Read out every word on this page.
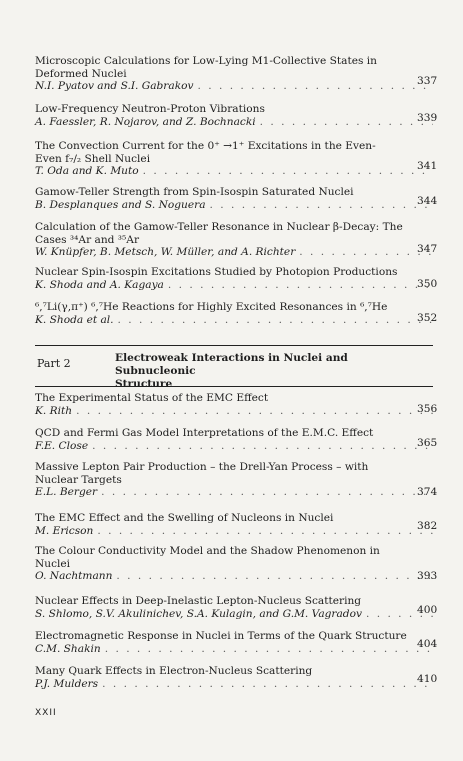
Microscopic Calculations for Low-Lying M1-Collective States in
Deformed Nuclei
N.I. Pyatov and S.I. Gabrakov . . .	337
Low-Frequency Neutron-Proton Vibrations
A. Faessler, R. Nojarov, and Z. Bochnacki . . .	339
The Convection Current for the 0⁺ →1⁺ Excitations in the Even-
Even f₇/₂ Shell Nuclei
T. Oda and K. Muto . . .	341
Gamow-Teller Strength from Spin-Isospin Saturated Nuclei
B. Desplanques and S. Noguera . . .	344
Calculation of the Gamow-Teller Resonance in Nuclear β-Decay: The
Cases ³⁴Ar and ³⁵Ar
W. Knüpfer, B. Metsch, W. Müller, and A. Richter . . .	347
Nuclear Spin-Isospin Excitations Studied by Photopion Productions
K. Shoda and A. Kagaya . . .	350
⁶,⁷Li(γ,π⁺) ⁶,⁷He Reactions for Highly Excited Resonances in ⁶,⁷He
K. Shoda et al. . . .	352
Part 2	Electroweak Interactions in Nuclei and Subnucleonic
Structure
The Experimental Status of the EMC Effect
K. Rith . . .	356
QCD and Fermi Gas Model Interpretations of the E.M.C. Effect
F.E. Close . . .	365
Massive Lepton Pair Production – the Drell-Yan Process – with
Nuclear Targets
E.L. Berger . . .	374
The EMC Effect and the Swelling of Nucleons in Nuclei
M. Ericson . . .	382
The Colour Conductivity Model and the Shadow Phenomenon in
Nuclei
O. Nachtmann . . .	393
Nuclear Effects in Deep-Inelastic Lepton-Nucleus Scattering
S. Shlomo, S.V. Akulinichev, S.A. Kulagin, and G.M. Vagradov . . .	400
Electromagnetic Response in Nuclei in Terms of the Quark Structure
C.M. Shakin . . .	404
Many Quark Effects in Electron-Nucleus Scattering
P.J. Mulders . . .	410
XXII
